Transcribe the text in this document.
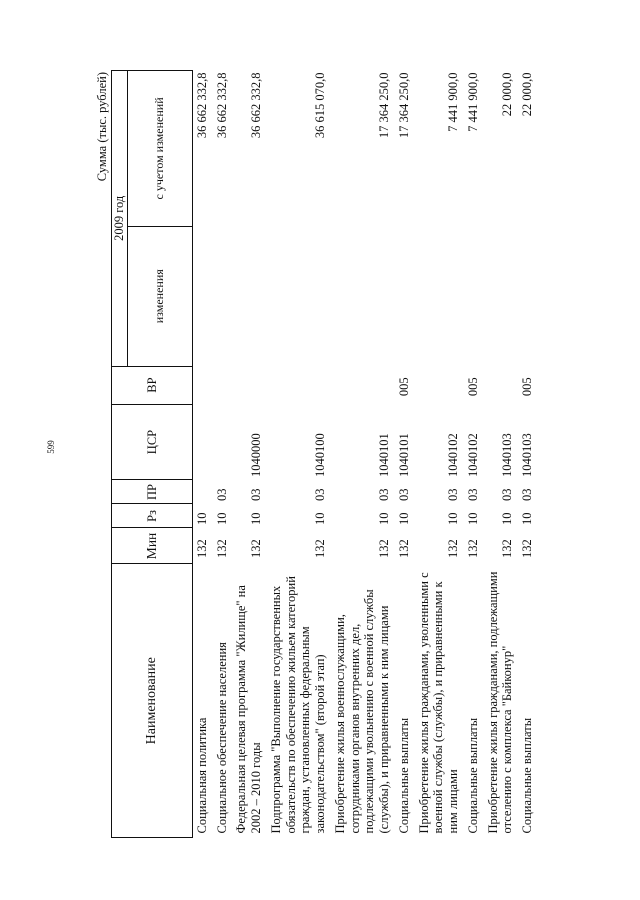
599
Сумма (тыс. рублей)
Наименование	Мин	Рз	ПР	ЦСР	ВР	2009 год	
						изменения	с учетом изменений
Социальная политика	132	10					36 662 332,8
Социальное обеспечение населения	132	10	03				36 662 332,8
Федеральная целевая программа "Жилище" на 2002 – 2010 годы	132	10	03	1040000			36 662 332,8
Подпрограмма "Выполнение государственных обязательств по обеспечению жильем категорий граждан, установленных федеральным законодательством" (второй этап)	132	10	03	1040100			36 615 070,0
Приобретение жилья военнослужащими, сотрудниками органов внутренних дел, подлежащими увольнению с военной службы (службы), и приравненными к ним лицами	132	10	03	1040101			17 364 250,0
Социальные выплаты	132	10	03	1040101	005		17 364 250,0
Приобретение жилья гражданами, уволенными с военной службы (службы), и приравненными к ним лицами	132	10	03	1040102			7 441 900,0
Социальные выплаты	132	10	03	1040102	005		7 441 900,0
Приобретение жилья гражданами, подлежащими отселению с комплекса "Байконур"	132	10	03	1040103			22 000,0
Социальные выплаты	132	10	03	1040103	005		22 000,0
